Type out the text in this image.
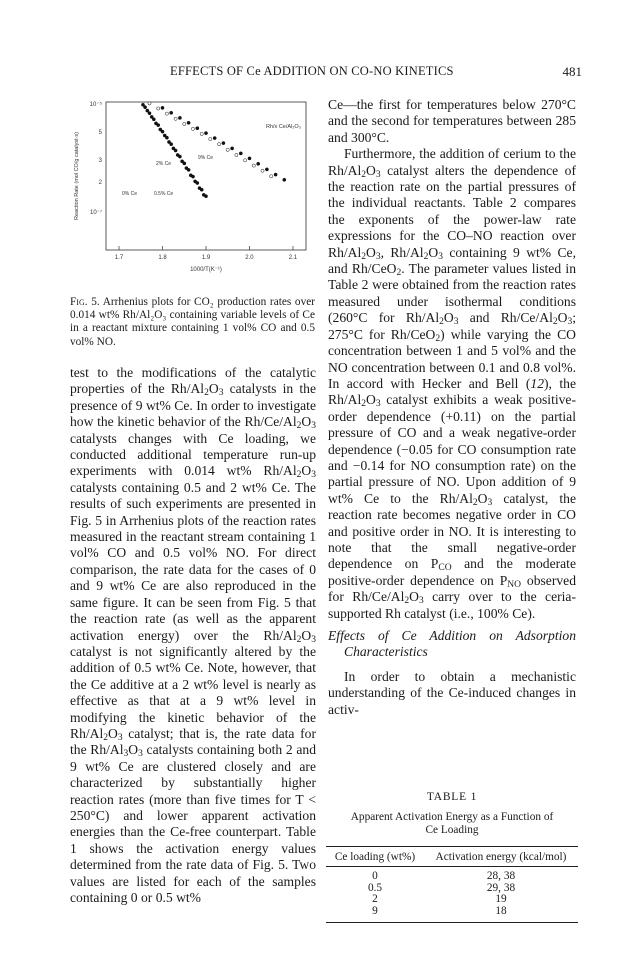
EFFECTS OF Ce ADDITION ON CO-NO KINETICS	481
Reaction Rate (mol CO/g catalyst·s)
1000/T(K⁻¹)
10⁻⁵
5
3
2
10⁻⁷
Rh/x Ce/Al₂O₃
2% Ce
9% Ce
0% Ce	0.5% Ce
1.7	1.8	1.9	2.0	2.1
Fig. 5. Arrhenius plots for CO₂ production rates over 0.014 wt% Rh/Al₂O₃ containing variable levels of Ce in a reactant mixture containing 1 vol% CO and 0.5 vol% NO.

test to the modifications of the catalytic properties of the $Rh/Al_2O_3$ catalysts in the presence of 9 wt% Ce. In order to investigate how the kinetic behavior of the $Rh/Ce/Al_2O_3$ catalysts changes with Ce loading, we conducted additional temperature run-up experiments with 0.014 wt% $Rh/Al_2O_3$ catalysts containing 0.5 and 2 wt% Ce. The results of such experiments are presented in Fig. 5 in Arrhenius plots of the reaction rates measured in the reactant stream containing 1 vol% CO and 0.5 vol% NO. For direct comparison, the rate data for the cases of 0 and 9 wt% Ce are also reproduced in the same figure. It can be seen from Fig. 5 that the reaction rate (as well as the apparent activation energy) over the $Rh/Al_2O_3$ catalyst is not significantly altered by the addition of 0.5 wt% Ce. Note, however, that the Ce additive at a 2 wt% level is nearly as effective as that at a 9 wt% level in modifying the kinetic behavior of the $Rh/Al_2O_3$ catalyst; that is, the rate data for the $Rh/Al_3O_3$ catalysts containing both 2 and 9 wt% Ce are clustered closely and are characterized by substantially higher reaction rates (more than five times for T < 250°C) and lower apparent activation energies than the Ce-free counterpart. Table 1 shows the activation energy values determined from the rate data of Fig. 5. Two values are listed for each of the samples containing 0 or 0.5 wt%

Ce—the first for temperatures below 270°C and the second for temperatures between 285 and 300°C.

Furthermore, the addition of cerium to the $Rh/Al_2O_3$ catalyst alters the dependence of the reaction rate on the partial pressures of the individual reactants. Table 2 compares the exponents of the power-law rate expressions for the CO–NO reaction over $Rh/Al_2O_3$, $Rh/Al_2O_3$ containing 9 wt% Ce, and Rh/CeO$_2$. The parameter values listed in Table 2 were obtained from the reaction rates measured under isothermal conditions (260°C for $Rh/Al_2O_3$ and $Rh/Ce/Al_2O_3$; 275°C for Rh/CeO$_2$) while varying the CO concentration between 1 and 5 vol% and the NO concentration between 0.1 and 0.8 vol%. In accord with Hecker and Bell (12), the $Rh/Al_2O_3$ catalyst exhibits a weak positive-order dependence (+0.11) on the partial pressure of CO and a weak negative-order dependence (−0.05 for CO consumption rate and −0.14 for NO consumption rate) on the partial pressure of NO. Upon addition of 9 wt% Ce to the $Rh/Al_2O_3$ catalyst, the reaction rate becomes negative order in CO and positive order in NO. It is interesting to note that the small negative-order dependence on $P_{CO}$ and the moderate positive-order dependence on $P_{NO}$ observed for $Rh/Ce/Al_2O_3$ carry over to the ceria-supported Rh catalyst (i.e., 100% Ce).

Effects of Ce Addition on Adsorption Characteristics

In order to obtain a mechanistic understanding of the Ce-induced changes in activ-

TABLE 1
Apparent Activation Energy as a Function of Ce Loading
Ce loading (wt%)	Activation energy (kcal/mol)
0	28, 38
0.5	29, 38
2	19
9	18
